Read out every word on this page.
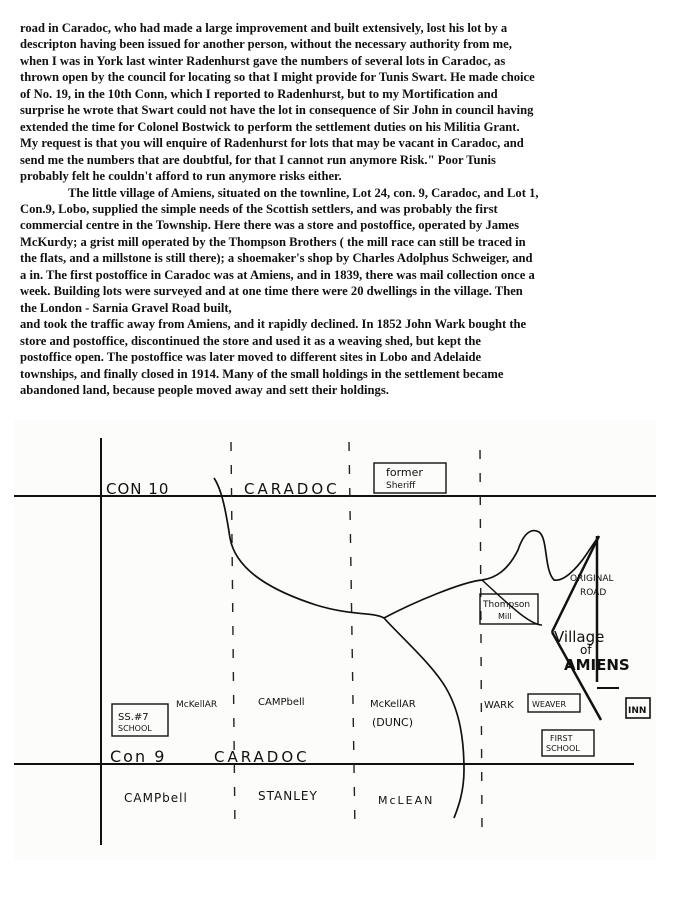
road in Caradoc, who had made a large improvement and built extensively, lost his lot by a
descripton having been issued for another person, without the necessary authority from me,
when I was in York last winter Radenhurst gave the numbers of several lots in Caradoc, as
thrown open by the council for locating so that I might provide for Tunis Swart. He made choice
of No. 19, in the 10th Conn, which I reported to Radenhurst, but to my Mortification and
surprise he wrote that Swart could not have the lot in consequence of Sir John in council having
extended the time for Colonel Bostwick to perform the settlement duties on his Militia Grant.
My request is that you will enquire of Radenhurst for lots that may be vacant in Caradoc, and
send me the numbers that are doubtful, for that I cannot run anymore Risk." Poor Tunis
probably felt he couldn't afford to run anymore risks either.

The little village of Amiens, situated on the townline, Lot 24, con. 9, Caradoc, and Lot 1,
Con.9, Lobo, supplied the simple needs of the Scottish settlers, and was probably the first
commercial centre in the Township. Here there was a store and postoffice, operated by James
McKurdy; a grist mill operated by the Thompson Brothers ( the mill race can still be traced in
the flats, and a millstone is still there); a shoemaker's shop by Charles Adolphus Schweiger, and
a in. The first postoffice in Caradoc was at Amiens, and in 1839, there was mail collection once a
week. Building lots were surveyed and at one time there were 20 dwellings in the village. Then
the London - Sarnia Gravel Road built,
and took the traffic away from Amiens, and it rapidly declined. In 1852 John Wark bought the
store and postoffice, discontinued the store and used it as a weaving shed, but kept the
postoffice open. The postoffice was later moved to different sites in Lobo and Adelaide
townships, and finally closed in 1914. Many of the small holdings in the settlement became
abandoned land, because people moved away and sett their holdings.

CON 10	CARADOC
former
Sheriff
Thompson
Mill
ORIGINAL
ROAD
Village
of
AMIENS
McKellAR	CAMPbell	McKellAR
(DUNC)
WARK WEAVER
INN
SS.#7
SCHOOL
Con 9	CARADOC
FIRST
SCHOOL
CAMPbell	STANLEY	McLEAN
